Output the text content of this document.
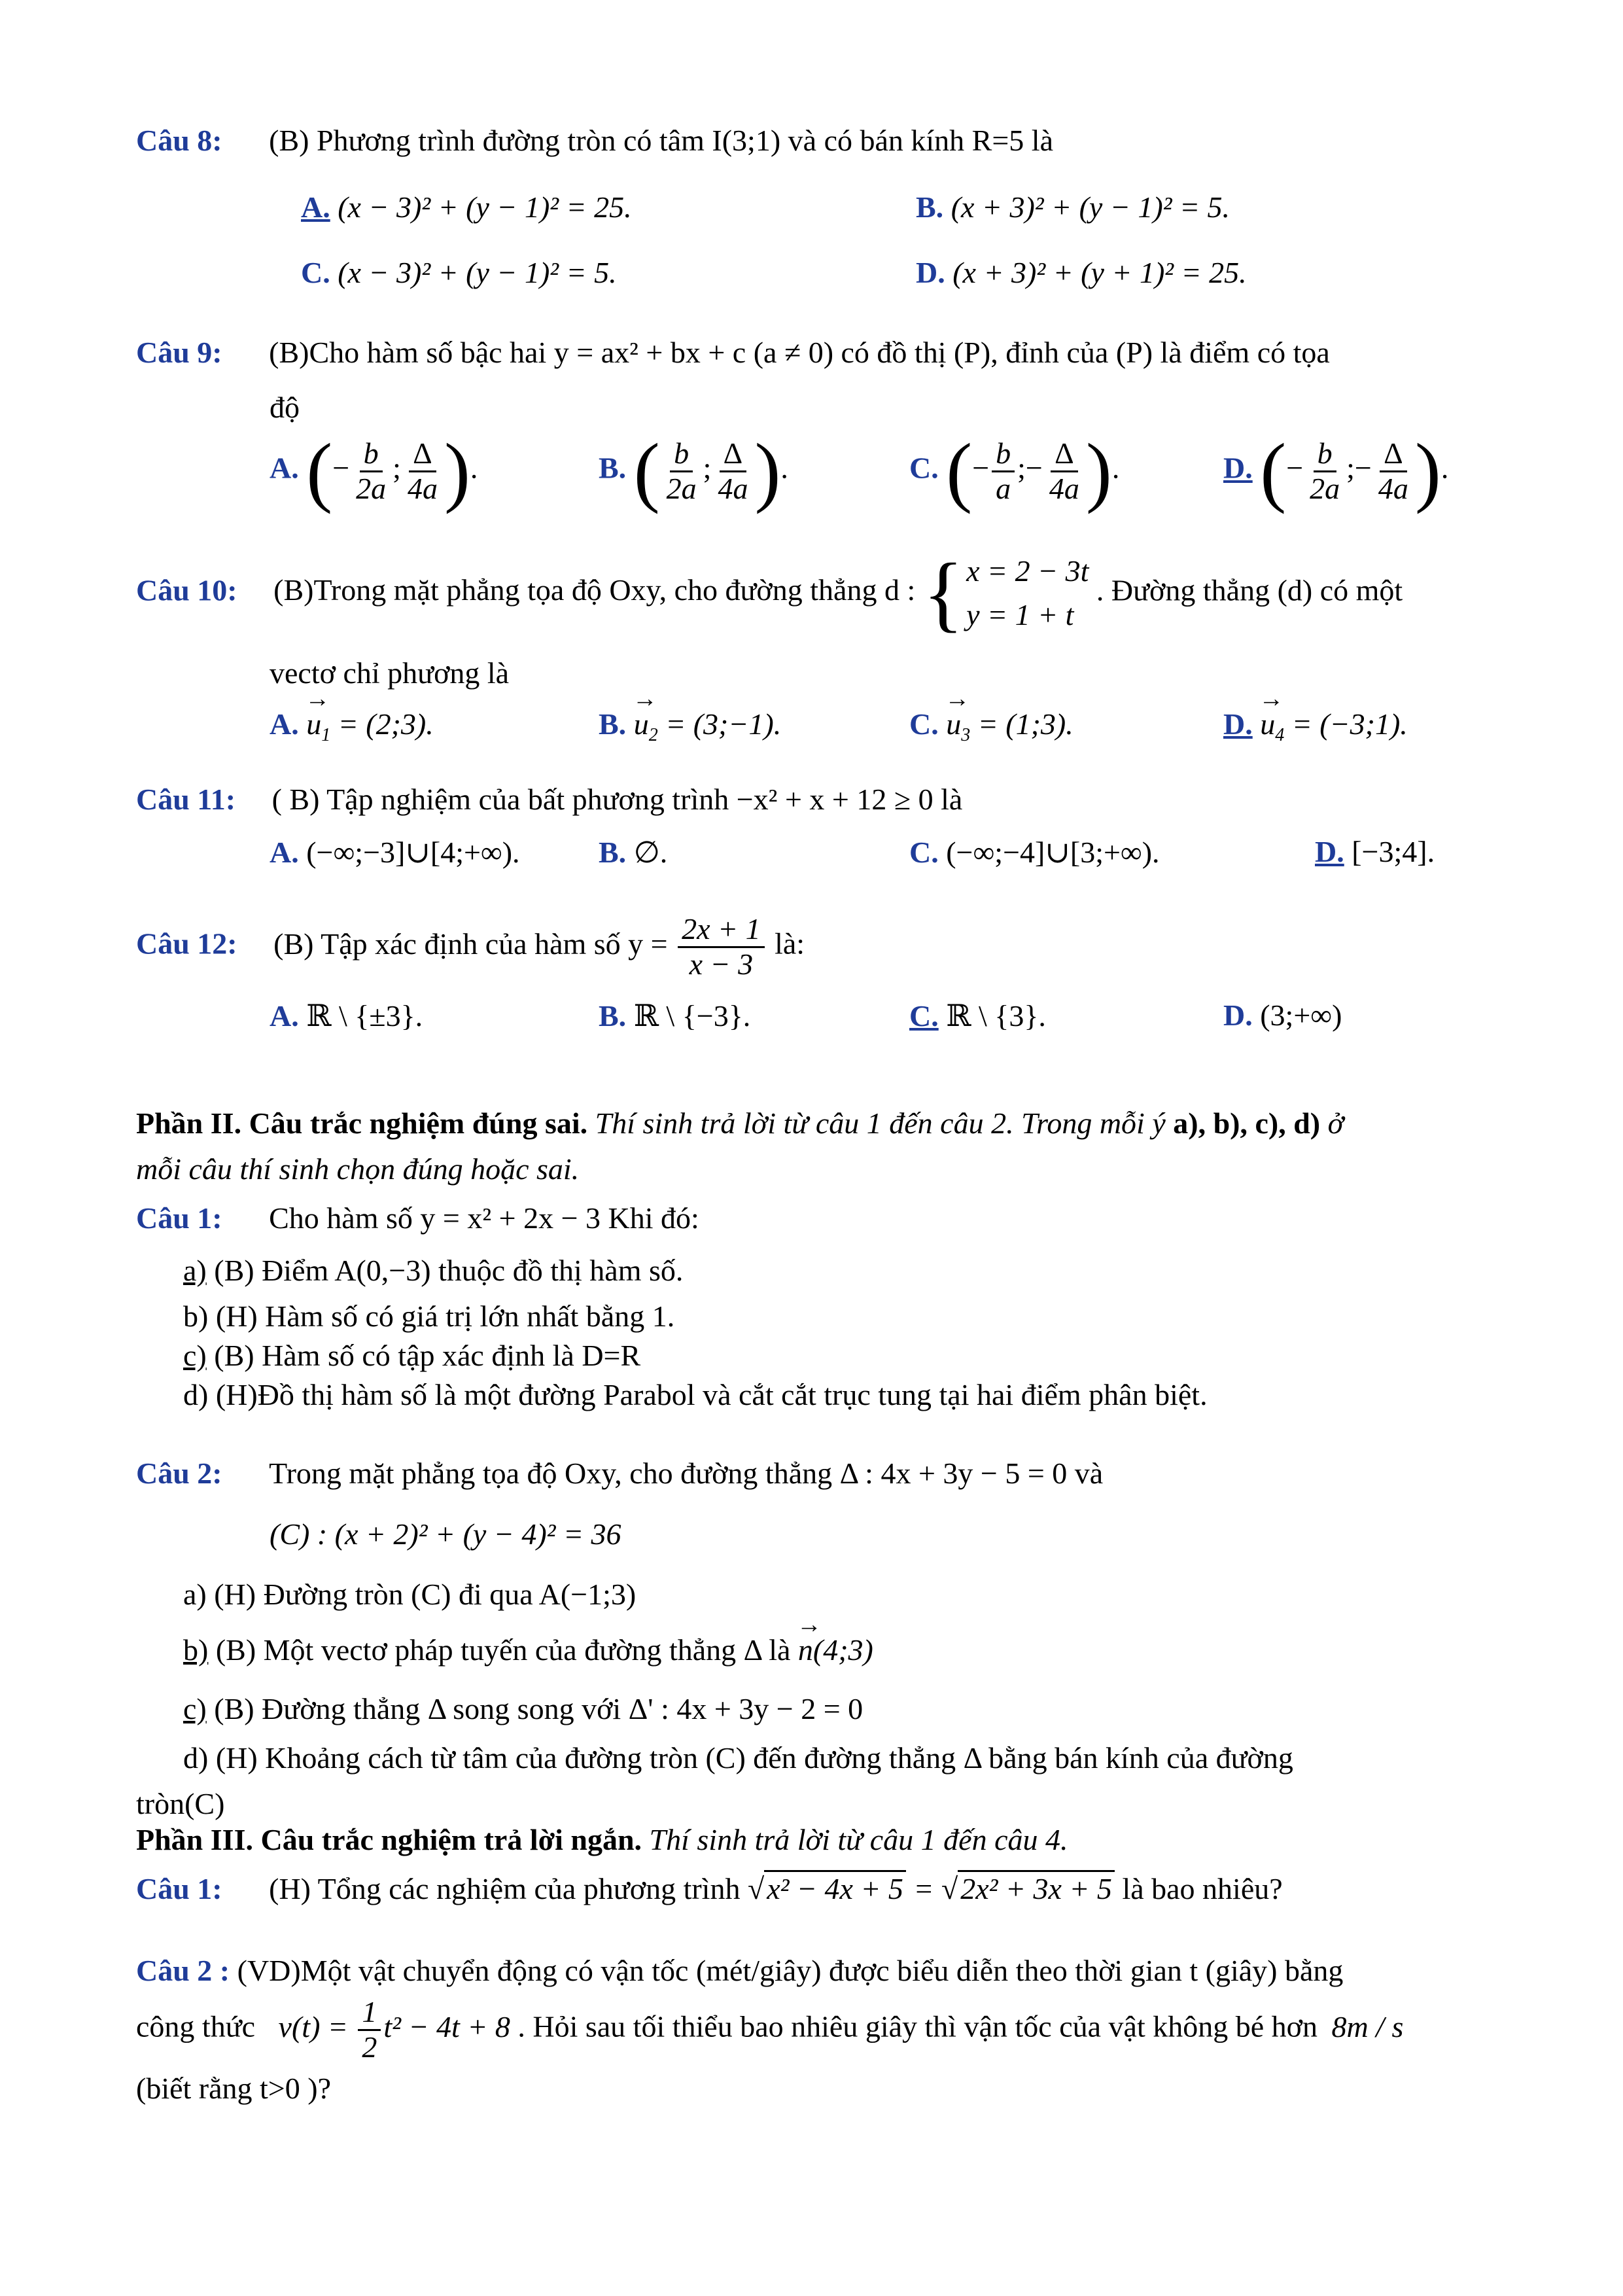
Câu 8: (B) Phương trình đường tròn có tâm I(3;1) và có bán kính R=5 là
A. (x − 3)² + (y − 1)² = 25.	B. (x + 3)² + (y − 1)² = 5.
C. (x − 3)² + (y − 1)² = 5.	D. (x + 3)² + (y + 1)² = 25.
Câu 9: (B)Cho hàm số bậc hai y = ax² + bx + c (a ≠ 0) có đồ thị (P), đỉnh của (P) là điểm có tọa
độ
A. (− $\frac{b}{2a}$ ; $\frac{\Delta}{4a}$ ).	B. ( $\frac{b}{2a}$ ; $\frac{\Delta}{4a}$ ).	C. (− $\frac{b}{a}$ ;− $\frac{\Delta}{4a}$ ).	D. (− $\frac{b}{2a}$ ;− $\frac{\Delta}{4a}$ ).
Câu 10: (B)Trong mặt phẳng tọa độ Oxy, cho đường thẳng d : { x = 2 − 3t
y = 1 + t
. Đường thẳng (d) có một
vectơ chỉ phương là
A. → $u_1$ = (2;3).	B. → $u_2$ = (3;−1).	C. → $u_3$ = (1;3).	D. → $u_4$ = (−3;1).
Câu 11: ( B) Tập nghiệm của bất phương trình −x² + x + 12 ≥ 0 là
A. (−∞;−3]∪[4;+∞).	B. ∅.	C. (−∞;−4]∪[3;+∞).	D. [−3;4].
Câu 12: (B) Tập xác định của hàm số $y = \frac{2x + 1}{x - 3}$ là:
A. ℝ \ {±3}.	B. ℝ \ {−3}.	C. ℝ \ {3}.	D. (3;+∞)
Phần II. Câu trắc nghiệm đúng sai. Thí sinh trả lời từ câu 1 đến câu 2. Trong mỗi ý a), b), c), d) ở
mỗi câu thí sinh chọn đúng hoặc sai.
Câu 1: Cho hàm số y = x² + 2x − 3 Khi đó:
a) (B) Điểm A(0,−3) thuộc đồ thị hàm số.
b) (H) Hàm số có giá trị lớn nhất bằng 1.
c) (B) Hàm số có tập xác định là D=R
d) (H)Đồ thị hàm số là một đường Parabol và cắt cắt trục tung tại hai điểm phân biệt.
Câu 2: Trong mặt phẳng tọa độ Oxy, cho đường thẳng Δ : 4x + 3y − 5 = 0 và
(C) : (x + 2)² + (y − 4)² = 36
a) (H) Đường tròn (C) đi qua A(−1;3)
b) (B) Một vectơ pháp tuyến của đường thẳng Δ là → n(4;3)
c) (B) Đường thẳng Δ song song với Δ' : 4x + 3y − 2 = 0
d) (H) Khoảng cách từ tâm của đường tròn (C) đến đường thẳng Δ bằng bán kính của đường
tròn(C)
Phần III. Câu trắc nghiệm trả lời ngắn. Thí sinh trả lời từ câu 1 đến câu 4.
Câu 1: (H) Tổng các nghiệm của phương trình √x² − 4x + 5 = √2x² + 3x + 5 là bao nhiêu?
Câu 2 : (VD)Một vật chuyển động có vận tốc (mét/giây) được biểu diễn theo thời gian t (giây) bằng
công thức $v(t) = \frac{1}{2} t^2 - 4t + 8$ . Hỏi sau tối thiểu bao nhiêu giây thì vận tốc của vật không bé hơn 8m / s
(biết rằng t>0 )?
